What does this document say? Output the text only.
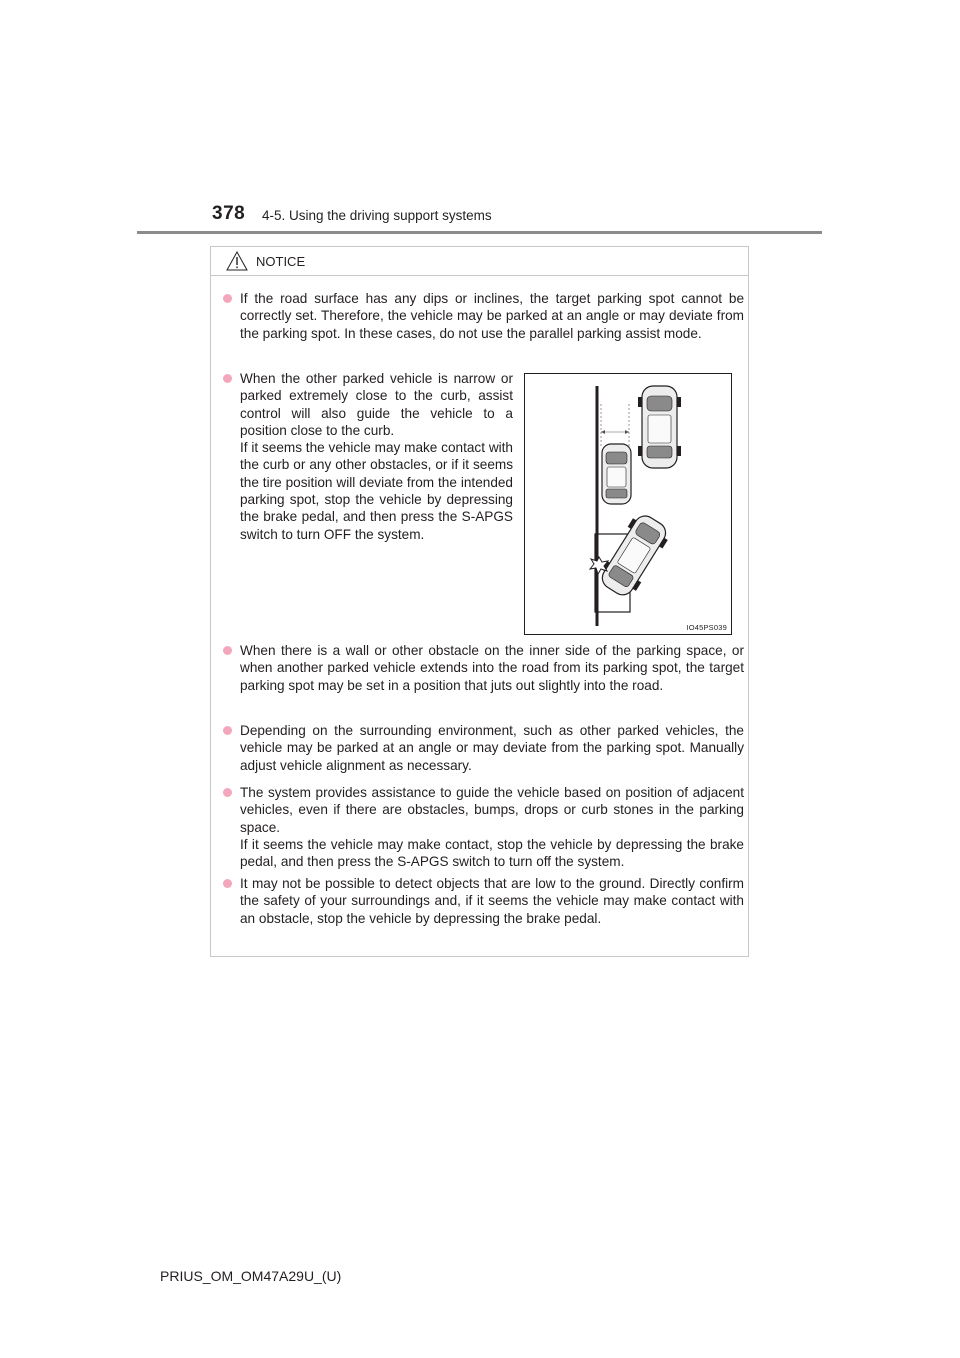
378 4-5. Using the driving support systems
NOTICE

If the road surface has any dips or inclines, the target parking spot cannot be correctly set. Therefore, the vehicle may be parked at an angle or may deviate from the parking spot. In these cases, do not use the parallel parking assist mode.

When the other parked vehicle is narrow or parked extremely close to the curb, assist control will also guide the vehicle to a position close to the curb.

If it seems the vehicle may make contact with the curb or any other obstacles, or if it seems the tire position will deviate from the intended parking spot, stop the vehicle by depressing the brake pedal, and then press the S-APGS switch to turn OFF the system.

IO45PS039

When there is a wall or other obstacle on the inner side of the parking space, or when another parked vehicle extends into the road from its parking spot, the target parking spot may be set in a position that juts out slightly into the road.

Depending on the surrounding environment, such as other parked vehicles, the vehicle may be parked at an angle or may deviate from the parking spot. Manually adjust vehicle alignment as necessary.

The system provides assistance to guide the vehicle based on position of adjacent vehicles, even if there are obstacles, bumps, drops or curb stones in the parking space.

If it seems the vehicle may make contact, stop the vehicle by depressing the brake pedal, and then press the S-APGS switch to turn off the system.

It may not be possible to detect objects that are low to the ground. Directly confirm the safety of your surroundings and, if it seems the vehicle may make contact with an obstacle, stop the vehicle by depressing the brake pedal.

PRIUS_OM_OM47A29U_(U)
